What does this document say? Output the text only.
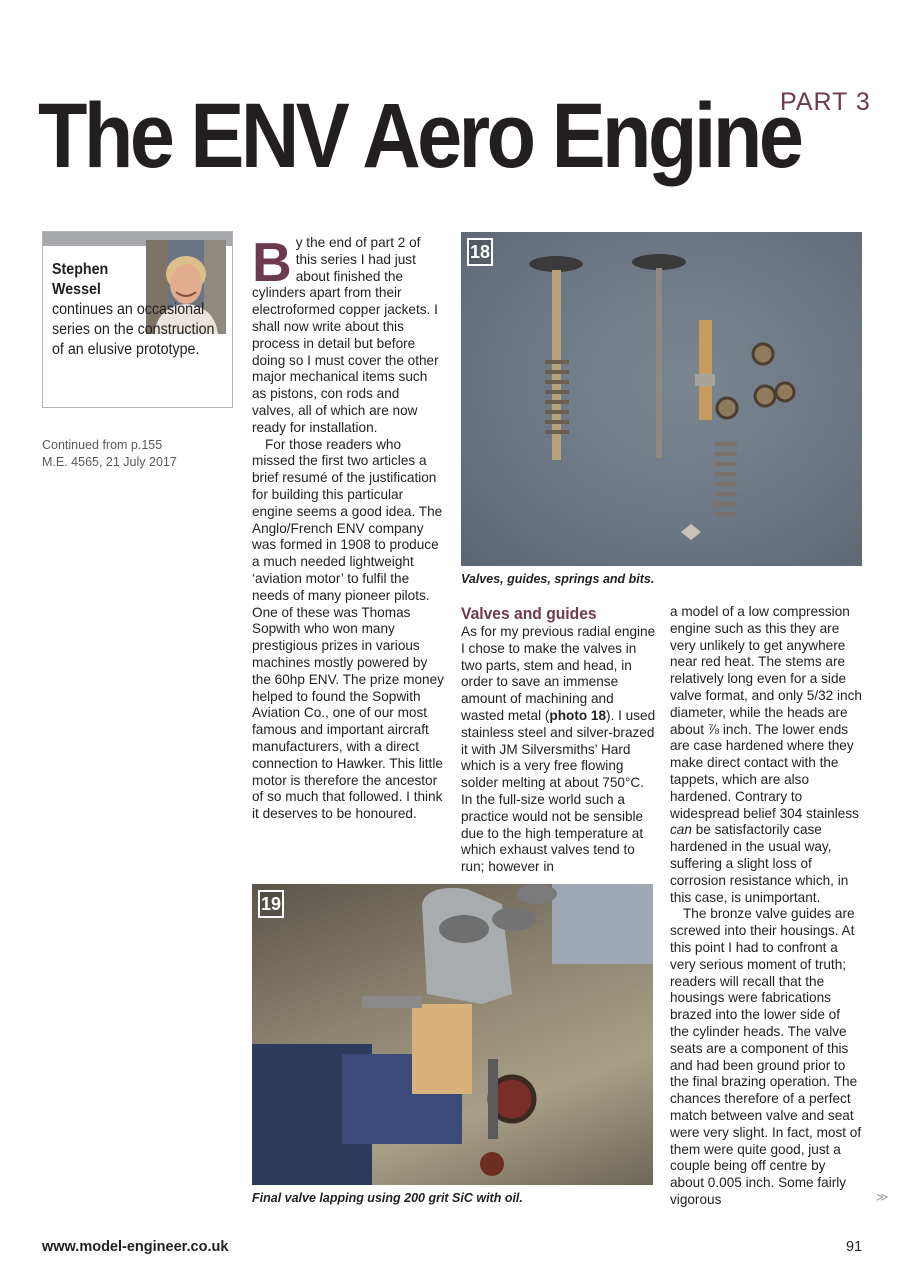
The ENV Aero Engine
PART 3
Stephen Wessel
continues an occasional series on the construction of an elusive prototype.
Continued from p.155
M.E. 4565, 21 July 2017

By the end of part 2 of this series I had just about finished the cylinders apart from their electroformed copper jackets. I shall now write about this process in detail but before doing so I must cover the other major mechanical items such as pistons, con rods and valves, all of which are now ready for installation.

For those readers who missed the first two articles a brief resumé of the justification for building this particular engine seems a good idea. The Anglo/French ENV company was formed in 1908 to produce a much needed lightweight ‘aviation motor’ to fulfil the needs of many pioneer pilots. One of these was Thomas Sopwith who won many prestigious prizes in various machines mostly powered by the 60hp ENV. The prize money helped to found the Sopwith Aviation Co., one of our most famous and important aircraft manufacturers, with a direct connection to Hawker. This little motor is therefore the ancestor of so much that followed. I think it deserves to be honoured.

18
Valves, guides, springs and bits.
Valves and guides

As for my previous radial engine I chose to make the valves in two parts, stem and head, in order to save an immense amount of machining and wasted metal (photo 18). I used stainless steel and silver-brazed it with JM Silversmiths’ Hard which is a very free flowing solder melting at about 750°C. In the full-size world such a practice would not be sensible due to the high temperature at which exhaust valves tend to run; however in

a model of a low compression engine such as this they are very unlikely to get anywhere near red heat. The stems are relatively long even for a side valve format, and only 5/32 inch diameter, while the heads are about ⅞ inch. The lower ends are case hardened where they make direct contact with the tappets, which are also hardened. Contrary to widespread belief 304 stainless can be satisfactorily case hardened in the usual way, suffering a slight loss of corrosion resistance which, in this case, is unimportant.

The bronze valve guides are screwed into their housings. At this point I had to confront a very serious moment of truth; readers will recall that the housings were fabrications brazed into the lower side of the cylinder heads. The valve seats are a component of this and had been ground prior to the final brazing operation. The chances therefore of a perfect match between valve and seat were very slight. In fact, most of them were quite good, just a couple being off centre by about 0.005 inch. Some fairly vigorous

19
Final valve lapping using 200 grit SiC with oil.	≫
www.model-engineer.co.uk	91
